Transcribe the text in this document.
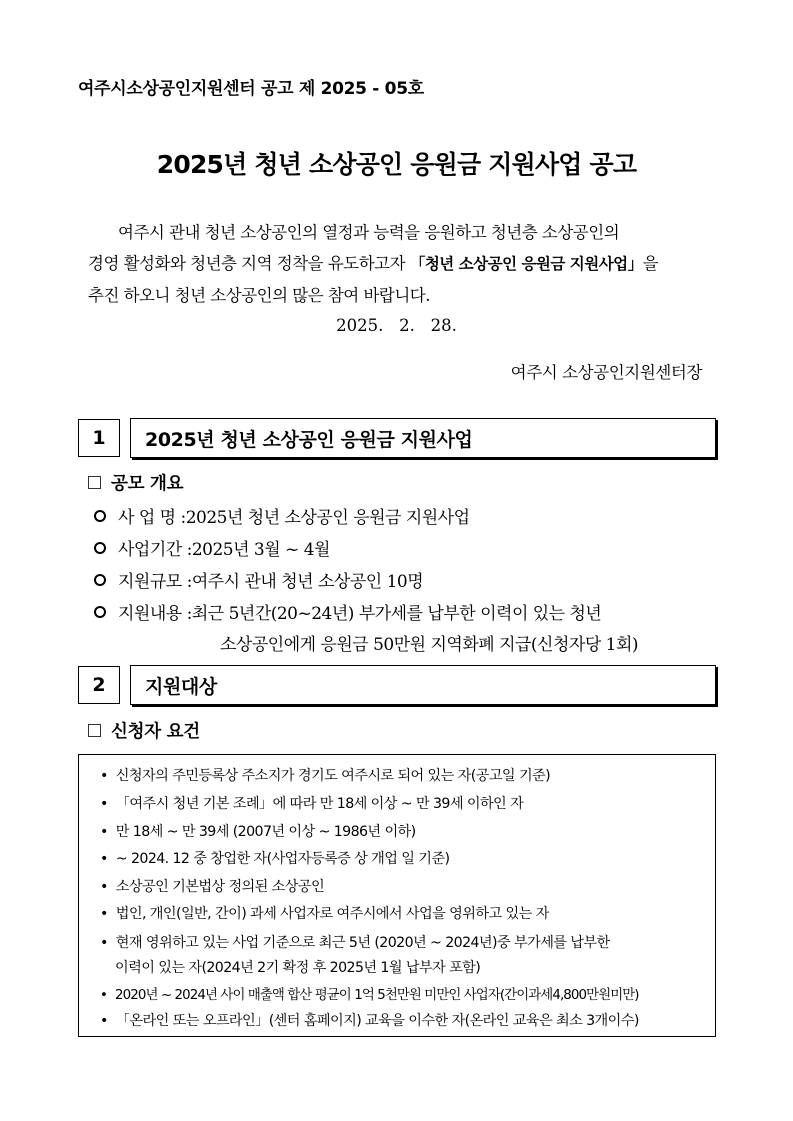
여주시소상공인지원센터 공고 제 2025 - 05호
2025년 청년 소상공인 응원금 지원사업 공고
여주시 관내 청년 소상공인의 열정과 능력을 응원하고 청년층 소상공인의
경영 활성화와 청년층 지역 정착을 유도하고자 「청년 소상공인 응원금 지원사업」을
추진 하오니 청년 소상공인의 많은 참여 바랍니다.
2025.   2.   28.
여주시 소상공인지원센터장
1	2025년 청년 소상공인 응원금 지원사업
공모 개요
사 업 명 : 2025년 청년 소상공인 응원금 지원사업
사업기간 : 2025년 3월 ~ 4월
지원규모 : 여주시 관내 청년 소상공인 10명
지원내용 : 최근 5년간(20~24년) 부가세를 납부한 이력이 있는 청년
소상공인에게 응원금 50만원 지역화폐 지급(신청자당 1회)
2	지원대상
신청자 요건
• 신청자의 주민등록상 주소지가 경기도 여주시로 되어 있는 자(공고일 기준)
• 「여주시 청년 기본 조례」에 따라 만 18세 이상 ~ 만 39세 이하인 자
• 만 18세 ~ 만 39세 (2007년 이상 ~ 1986년 이하)
• ~ 2024. 12 중 창업한 자(사업자등록증 상 개업 일 기준)
• 소상공인 기본법상 정의된 소상공인
• 법인, 개인(일반, 간이) 과세 사업자로 여주시에서 사업을 영위하고 있는 자
• 현재 영위하고 있는 사업 기준으로 최근 5년 (2020년 ~ 2024년)중 부가세를 납부한
이력이 있는 자(2024년 2기 확정 후 2025년 1월 납부자 포함)
• 2020년 ~ 2024년 사이 매출액 합산 평균이 1억 5천만원 미만인 사업자(간이과세4,800만원미만)
• 「온라인 또는 오프라인」(센터 홈페이지) 교육을 이수한 자(온라인 교육은 최소 3개이수)
